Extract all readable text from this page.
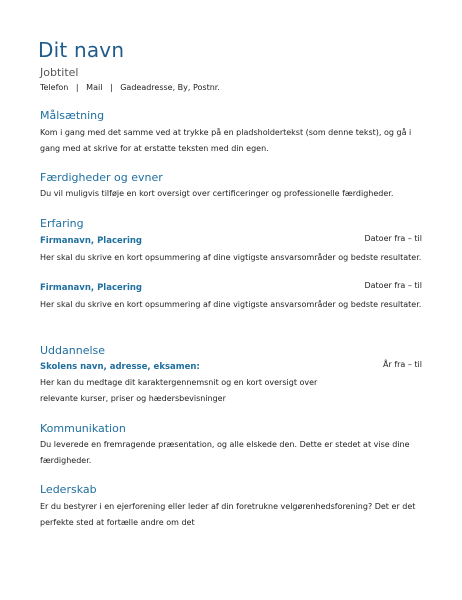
Dit navn
Jobtitel
Telefon | Mail | Gadeadresse, By, Postnr.
Målsætning

Kom i gang med det samme ved at trykke på en pladsholdertekst (som denne tekst), og gå i gang med at skrive for at erstatte teksten med din egen.

Færdigheder og evner

Du vil muligvis tilføje en kort oversigt over certificeringer og professionelle færdigheder.

Erfaring
Firmanavn, Placering	Datoer fra – til

Her skal du skrive en kort opsummering af dine vigtigste ansvarsområder og bedste resultater.

Firmanavn, Placering	Datoer fra – til

Her skal du skrive en kort opsummering af dine vigtigste ansvarsområder og bedste resultater.

Uddannelse
Skolens navn, adresse, eksamen:	År fra – til

Her kan du medtage dit karaktergennemsnit og en kort oversigt over relevante kurser, priser og hædersbevisninger

Kommunikation

Du leverede en fremragende præsentation, og alle elskede den. Dette er stedet at vise dine færdigheder.

Lederskab

Er du bestyrer i en ejerforening eller leder af din foretrukne velgørenhedsforening? Det er det perfekte sted at fortælle andre om det
